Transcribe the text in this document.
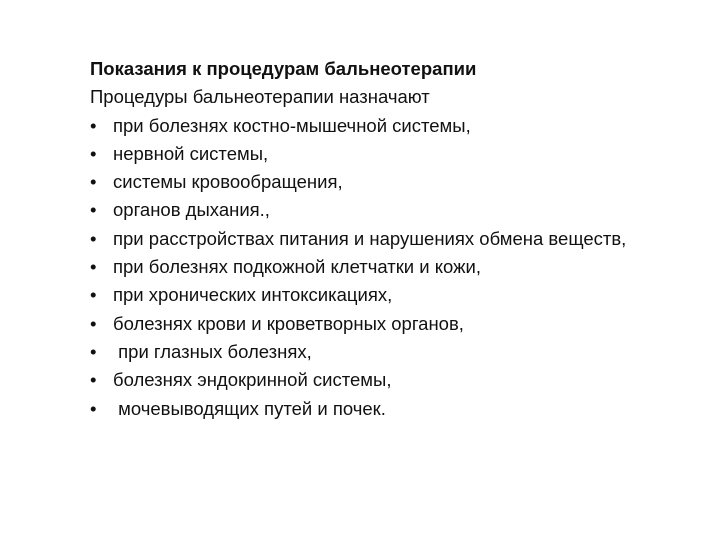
Показания к процедурам бальнеотерапии

Процедуры бальнеотерапии назначают

• при болезнях костно-мышечной системы,
• нервной системы,
• системы кровообращения,
• органов дыхания.,
• при расстройствах питания и нарушениях обмена веществ,
• при болезнях подкожной клетчатки и кожи,
• при хронических интоксикациях,
• болезнях крови и кроветворных органов,
• при глазных болезнях,
• болезнях эндокринной системы,
• мочевыводящих путей и почек.
